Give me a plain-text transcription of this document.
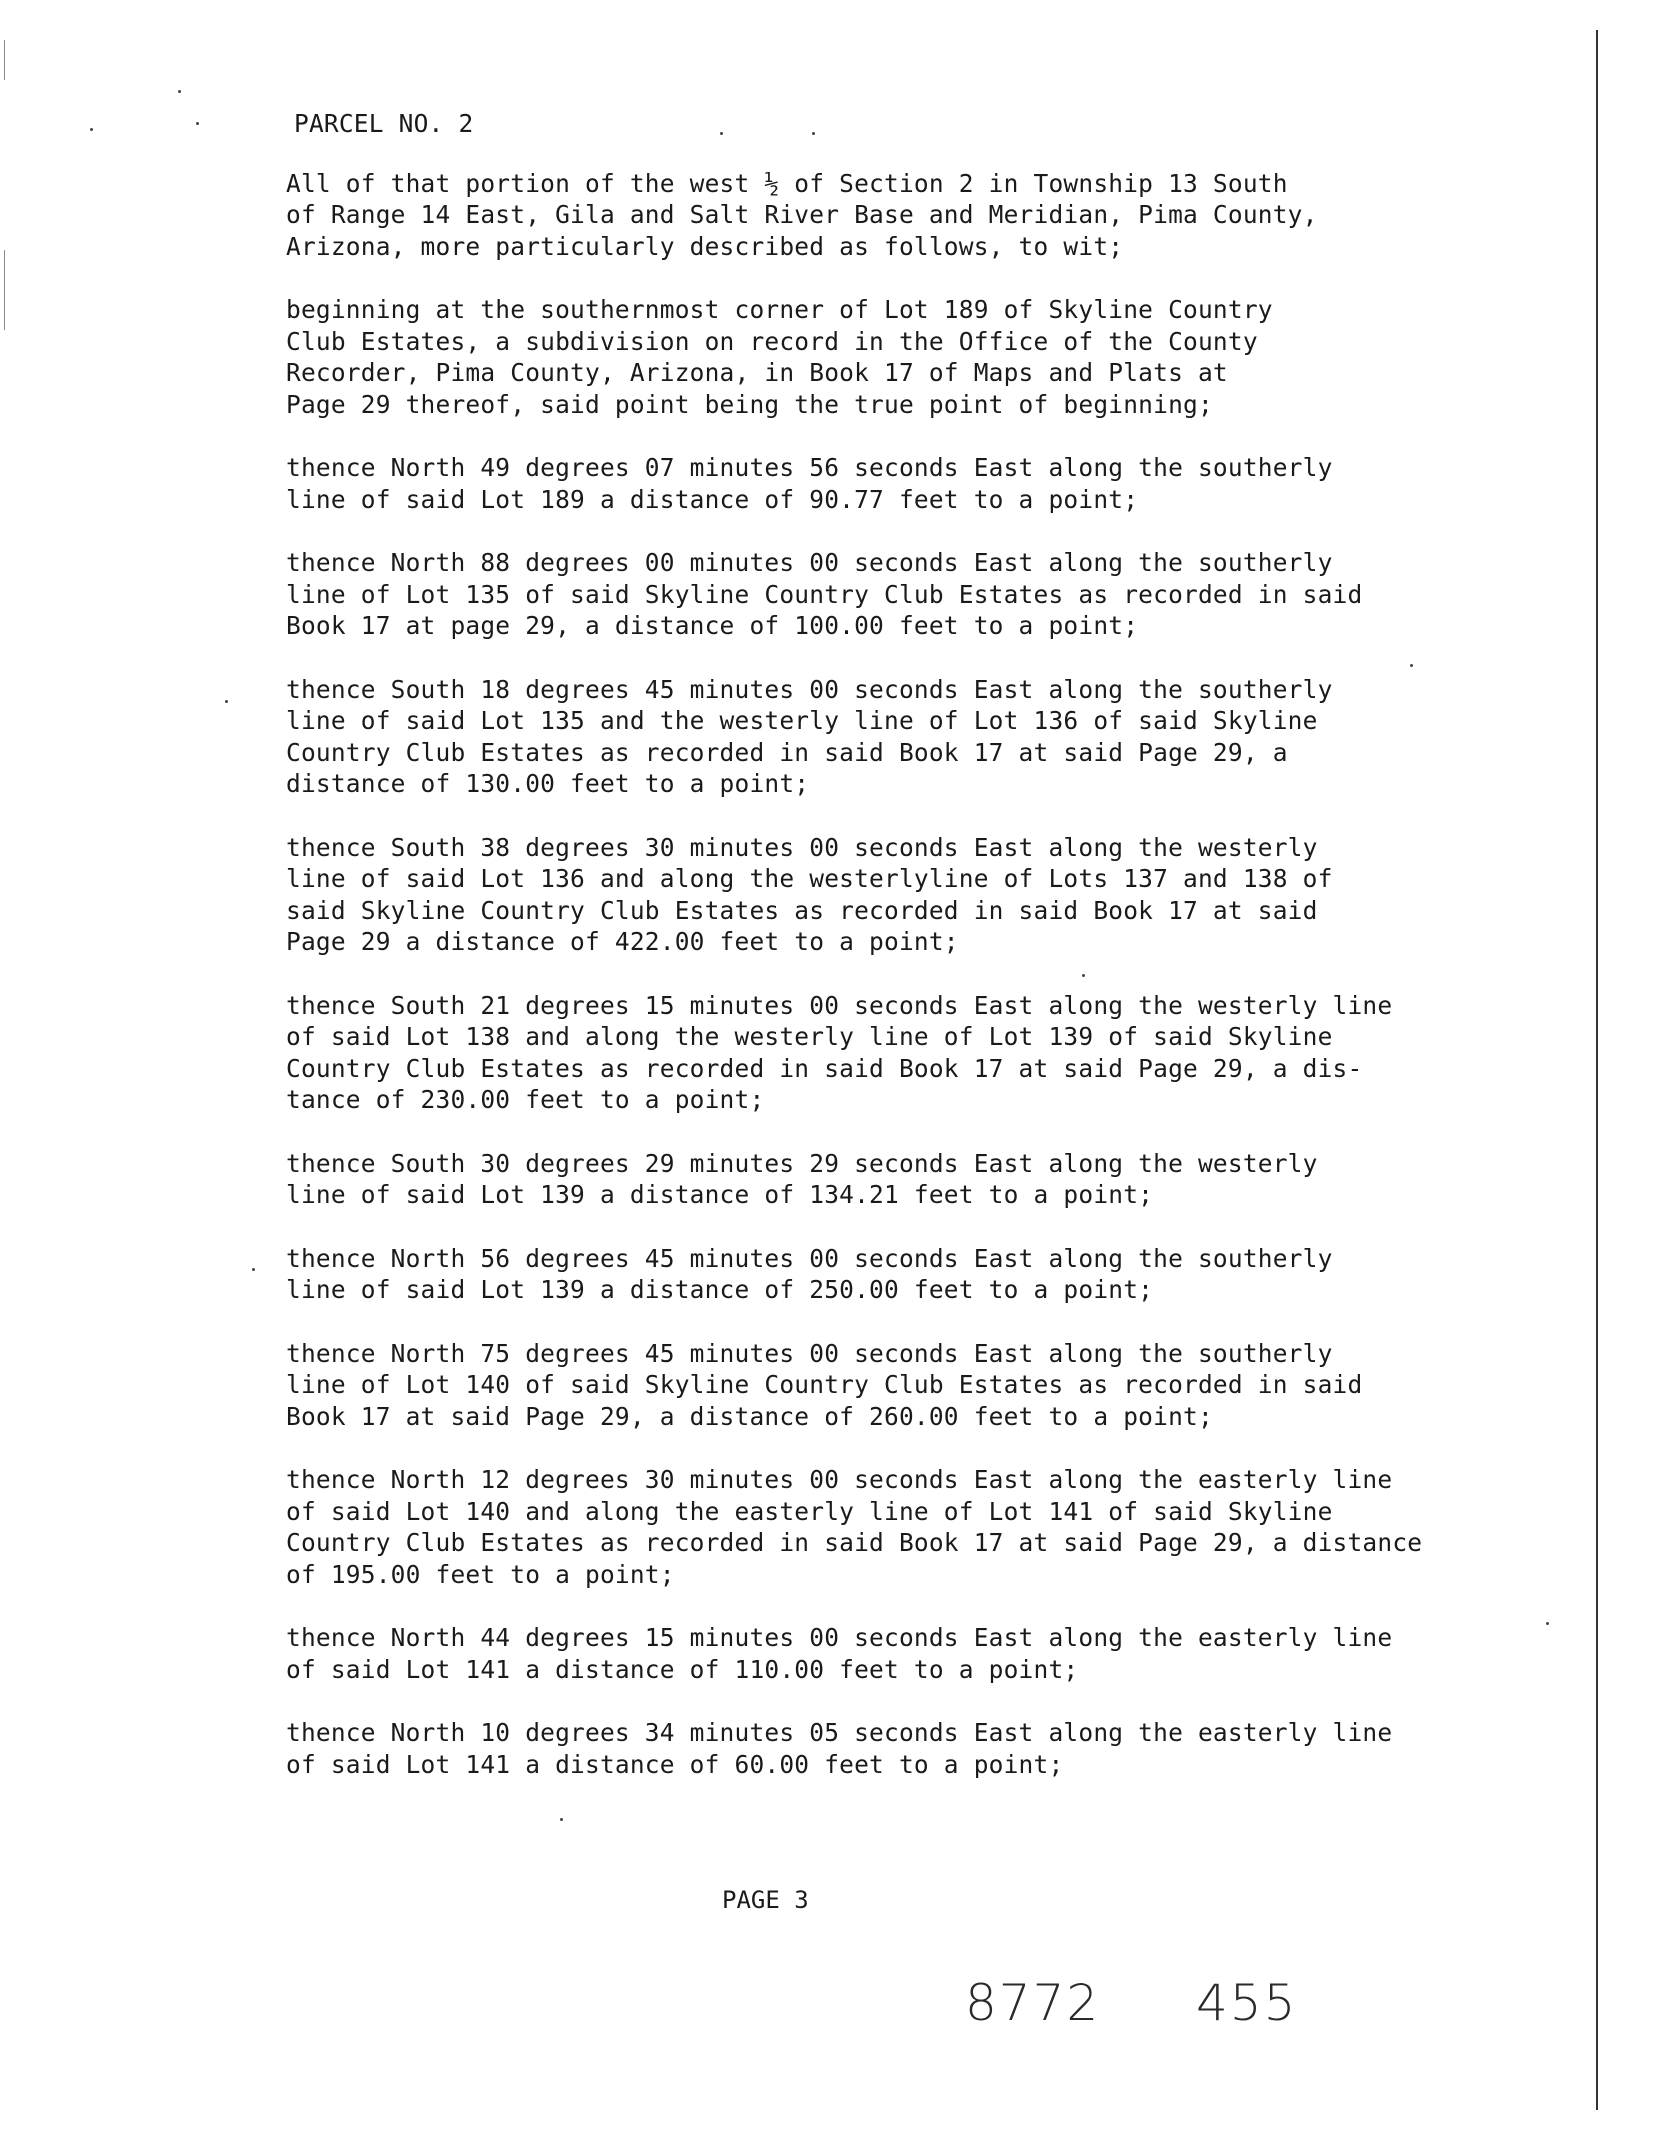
PARCEL NO. 2
All of that portion of the west ½ of Section 2 in Township 13 South
of Range 14 East, Gila and Salt River Base and Meridian, Pima County,
Arizona, more particularly described as follows, to wit;
beginning at the southernmost corner of Lot 189 of Skyline Country
Club Estates, a subdivision on record in the Office of the County
Recorder, Pima County, Arizona, in Book 17 of Maps and Plats at
Page 29 thereof, said point being the true point of beginning;
thence North 49 degrees 07 minutes 56 seconds East along the southerly
line of said Lot 189 a distance of 90.77 feet to a point;
thence North 88 degrees 00 minutes 00 seconds East along the southerly
line of Lot 135 of said Skyline Country Club Estates as recorded in said
Book 17 at page 29, a distance of 100.00 feet to a point;
thence South 18 degrees 45 minutes 00 seconds East along the southerly
line of said Lot 135 and the westerly line of Lot 136 of said Skyline
Country Club Estates as recorded in said Book 17 at said Page 29, a
distance of 130.00 feet to a point;
thence South 38 degrees 30 minutes 00 seconds East along the westerly
line of said Lot 136 and along the westerlyline of Lots 137 and 138 of
said Skyline Country Club Estates as recorded in said Book 17 at said
Page 29 a distance of 422.00 feet to a point;
thence South 21 degrees 15 minutes 00 seconds East along the westerly line
of said Lot 138 and along the westerly line of Lot 139 of said Skyline
Country Club Estates as recorded in said Book 17 at said Page 29, a dis-
tance of 230.00 feet to a point;
thence South 30 degrees 29 minutes 29 seconds East along the westerly
line of said Lot 139 a distance of 134.21 feet to a point;
thence North 56 degrees 45 minutes 00 seconds East along the southerly
line of said Lot 139 a distance of 250.00 feet to a point;
thence North 75 degrees 45 minutes 00 seconds East along the southerly
line of Lot 140 of said Skyline Country Club Estates as recorded in said
Book 17 at said Page 29, a distance of 260.00 feet to a point;
thence North 12 degrees 30 minutes 00 seconds East along the easterly line
of said Lot 140 and along the easterly line of Lot 141 of said Skyline
Country Club Estates as recorded in said Book 17 at said Page 29, a distance
of 195.00 feet to a point;
thence North 44 degrees 15 minutes 00 seconds East along the easterly line
of said Lot 141 a distance of 110.00 feet to a point;
thence North 10 degrees 34 minutes 05 seconds East along the easterly line
of said Lot 141 a distance of 60.00 feet to a point;
PAGE 3
8772 455
